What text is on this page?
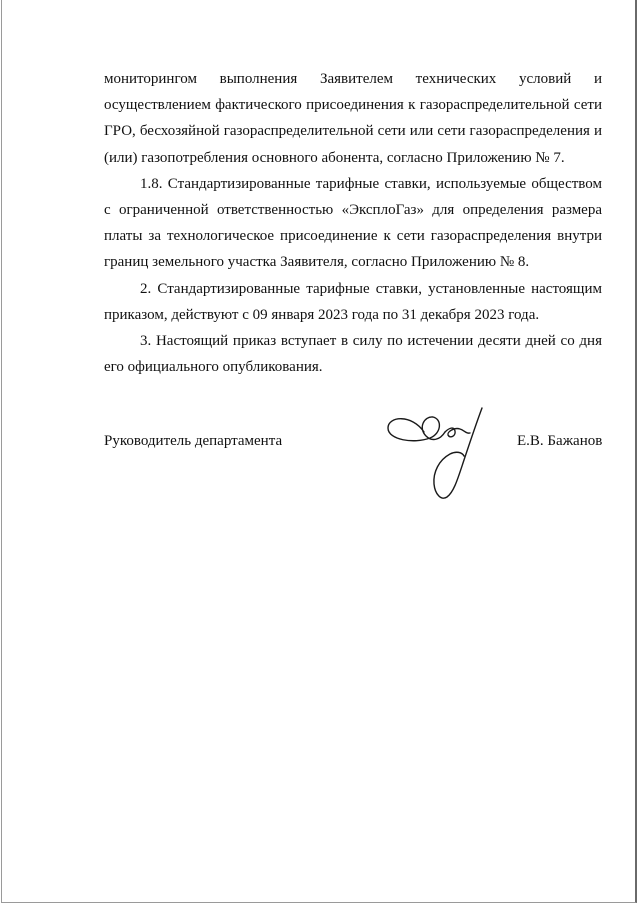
мониторингом выполнения Заявителем технических условий и осуществлением фактического присоединения к газораспределительной сети ГРО, бесхозяйной газораспределительной сети или сети газораспределения и (или) газопотребления основного абонента, согласно Приложению № 7.

1.8. Стандартизированные тарифные ставки, используемые обществом с ограниченной ответственностью «ЭксплоГаз» для определения размера платы за технологическое присоединение к сети газораспределения внутри границ земельного участка Заявителя, согласно Приложению № 8.

2. Стандартизированные тарифные ставки, установленные настоящим приказом, действуют с 09 января 2023 года по 31 декабря 2023 года.

3. Настоящий приказ вступает в силу по истечении десяти дней со дня его официального опубликования.

Руководитель департамента	Е.В. Бажанов
